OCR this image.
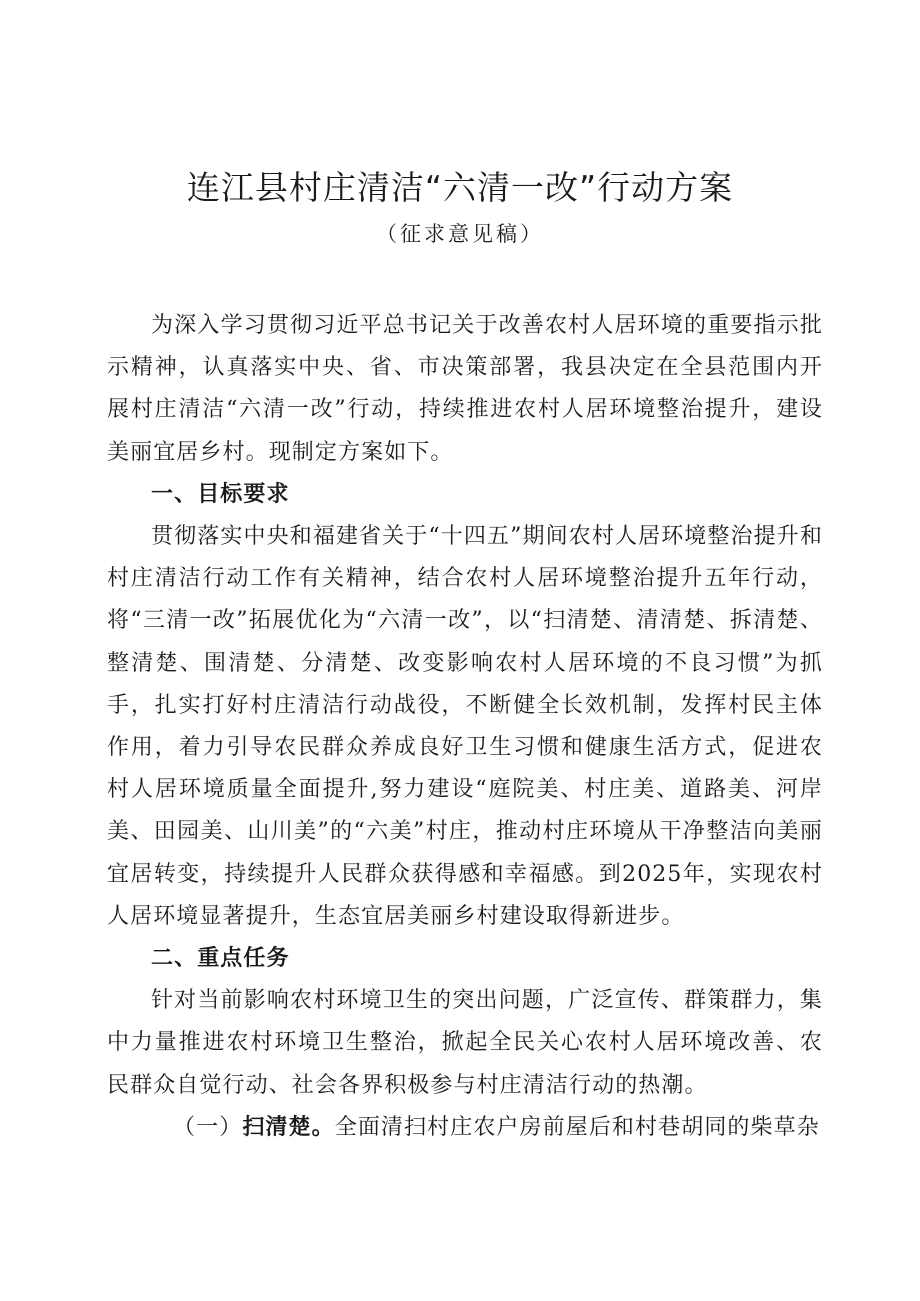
连江县村庄清洁“六清一改”行动方案
（征求意见稿）

为深入学习贯彻习近平总书记关于改善农村人居环境的重要指示批示精神，认真落实中央、省、市决策部署，我县决定在全县范围内开展村庄清洁“六清一改”行动，持续推进农村人居环境整治提升，建设美丽宜居乡村。现制定方案如下。

一、目标要求

贯彻落实中央和福建省关于“十四五”期间农村人居环境整治提升和村庄清洁行动工作有关精神，结合农村人居环境整治提升五年行动，将“三清一改”拓展优化为“六清一改”，以“扫清楚、清清楚、拆清楚、整清楚、围清楚、分清楚、改变影响农村人居环境的不良习惯”为抓手，扎实打好村庄清洁行动战役，不断健全长效机制，发挥村民主体作用，着力引导农民群众养成良好卫生习惯和健康生活方式，促进农村人居环境质量全面提升,努力建设“庭院美、村庄美、道路美、河岸美、田园美、山川美”的“六美”村庄，推动村庄环境从干净整洁向美丽宜居转变，持续提升人民群众获得感和幸福感。到2025年，实现农村人居环境显著提升，生态宜居美丽乡村建设取得新进步。

二、重点任务

针对当前影响农村环境卫生的突出问题，广泛宣传、群策群力，集中力量推进农村环境卫生整治，掀起全民关心农村人居环境改善、农民群众自觉行动、社会各界积极参与村庄清洁行动的热潮。

（一）扫清楚。全面清扫村庄农户房前屋后和村巷胡同的柴草杂
